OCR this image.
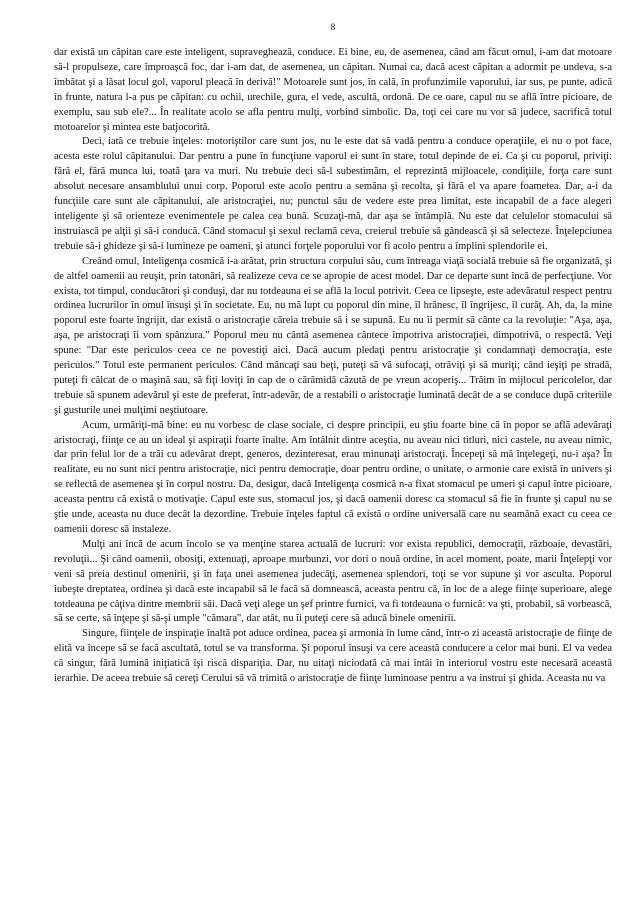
8

dar există un căpitan care este inteligent, supraveghează, conduce. Ei bine, eu, de asemenea, când am făcut omul, i-am dat motoare să-l propulseze, care împroașcă foc, dar i-am dat, de asemenea, un căpitan. Numai ca, dacă acest căpitan a adormit pe undeva, s-a îmbătat şi a lăsat locul gol, vaporul pleacă în derivă!" Motoarele sunt jos, în cală, în profunzimile vaporului, iar sus, pe punte, adică în frunte, natura l-a pus pe căpitan: cu ochii, urechile, gura, el vede, ascultă, ordonă. De ce oare, capul nu se află între picioare, de exemplu, sau sub ele?... În realitate acolo se afla pentru mulţi, vorbind simbolic. Da, toţi cei care nu vor să judece, sacrifică totul motoarelor şi mintea este batjocorită.

Deci, iată ce trebuie înţeles: motoriştilor care sunt jos, nu le este dat să vadă pentru a conduce operaţiile, ei nu o pot face, acesta este rolul căpitanului. Dar pentru a pune în funcţiune vaporul ei sunt în stare, totul depinde de ei. Ca şi cu poporul, priviţi: fără el, fără munca lui, toată ţara va muri. Nu trebuie deci să-l subestimăm, el reprezintă mijloacele, condiţiile, forţa care sunt absolut necesare ansamblului unui corp. Poporul este acolo pentru a semăna şi recolta, şi fără el va apare foametea. Dar, a-i da funcţiile care sunt ale căpitanului, ale aristocraţiei, nu; punctul său de vedere este prea limitat, este incapabil de a face alegeri inteligente şi să orienteze evenimentele pe calea cea bună. Scuzaţi-mă, dar aşa se întâmplă. Nu este dat celulelor stomacului să instruiască pe alţii şi să-i conducă. Când stomacul şi sexul reclamă ceva, creierul trebuie să gândească şi să selecteze. Înţelepciunea trebuie să-i ghideze şi să-i lumineze pe oameni, şi atunci forţele poporului vor fi acolo pentru a împlini splendorile ei.

Creând omul, Inteligenţa cosmică i-a arătat, prin structura corpului său, cum întreaga viaţă socială trebuie să fie organizată, şi de altfel oamenii au reuşit, prin tatonări, să realizeze ceva ce se apropie de acest model. Dar ce departe sunt încă de perfecţiune. Vor exista, tot timpul, conducători şi conduşi, dar nu totdeauna ei se află la locul potrivit. Ceea ce lipseşte, este adevăratul respect pentru ordinea lucrurilor în omul însuşi şi în societate. Eu, nu mă lupt cu poporul din mine, îl hrănesc, îl îngrijesc, îl curăţ. Ah, da, la mine poporul este foarte îngrijit, dar există o aristocraţie căreia trebuie să i se supună. Eu nu îi permit să cânte ca la revoluţie: "Aşa, aşa, aşa, pe aristocraţi îi vom spânzura." Poporul meu nu cântă asemenea cântece împotriva aristocraţiei, dimpotrivă, o respectă. Veţi spune: "Dar este periculos ceea ce ne povestiţi aici. Dacă aucum pledaţi pentru aristocraţie şi condamnaţi democraţia, este periculos." Totul este permanent periculos. Când mâncaţi sau beţi, puteţi să vă sufocaţi, otrăviţi şi să muriţi; când ieşiţi pe stradă, puteţi fi călcat de o maşină sau, să fiţi loviţi în cap de o cărămidă căzută de pe vreun acoperiş... Trăim în mijlocul pericolelor, dar trebuie să spunem adevărul şi este de preferat, într-adevăr, de a restabili o aristocraţie luminată decât de a se conduce după criteriile şi gusturile unei mulţimi neştiutoare.

Acum, urmăriţi-mă bine: eu nu vorbesc de clase sociale, ci despre principii, eu ştiu foarte bine că în popor se află adevăraţi aristocraţi, fiinţe ce au un ideal şi aspiraţii foarte înalte. Am întâlnit dintre aceştia, nu aveau nici titluri, nici castele, nu aveau nimic, dar prin felul lor de a trăi cu adevărat drept, generos, dezinteresat, erau minunaţi aristocraţi. Începeţi să mă înţelegeţi, nu-i aşa? În realitate, eu nu sunt nici pentru aristocraţie, nici pentru democraţie, doar pentru ordine, o unitate, o armonie care există în univers şi se reflectă de asemenea şi în corpul nostru. Da, desigur, dacă Inteligenţa cosmică n-a fixat stomacul pe umeri şi capul între picioare, aceasta pentru că există o motivaţie. Capul este sus, stomacul jos, şi dacă oamenii doresc ca stomacul să fie în frunte şi capul nu se ştie unde, aceasta nu duce decât la dezordine. Trebuie înţeles faptul că există o ordine universală care nu seamănă exact cu ceea ce oamenii doresc să instaleze.

Mulţi ani încă de acum încolo se va menţine starea actuală de lucruri: vor exista republici, democraţii, războaie, devastări, revoluţii... Şi când oamenii, obosiţi, extenuaţi, aproape murbunzi, vor dori o nouă ordine, în acel moment, poate, marii Înţelepţi vor veni să preia destinul omenirii, şi în faţa unei asemenea judecăţi, asemenea splendori, toţi se vor supune şi vor asculta. Poporul iubeşte dreptatea, ordinea şi dacă este incapabil să le facă să domnească, aceasta pentru că, în loc de a alege fiinţe superioare, alege totdeauna pe câţiva dintre membrii săi. Dacă veţi alege un şef printre furnici, va fi totdeauna o furnică: va şti, probabil, să vorbească, să se certe, să înţepe şi să-şi umple "cămara", dar atât, nu îi puteţi cere să aducă binele omenirii.

Singure, fiinţele de inspiraţie înaltă pot aduce ordinea, pacea şi armonia în lume când, într-o zi această aristocraţie de fiinţe de elită va începe să se facă ascultată, totul se va transforma. Şi poporul însuşi va cere această conducere a celor mai buni. El va vedea că singur, fără lumină iniţiatică îşi riscă dispariţia. Dar, nu uitaţi niciodată că mai întâi în interiorul vostru este necesară această ierarhie. De aceea trebuie să cereţi Cerului să vă trimită o aristocraţie de fiinţe luminoase pentru a va instrui şi ghida. Aceasta nu va
